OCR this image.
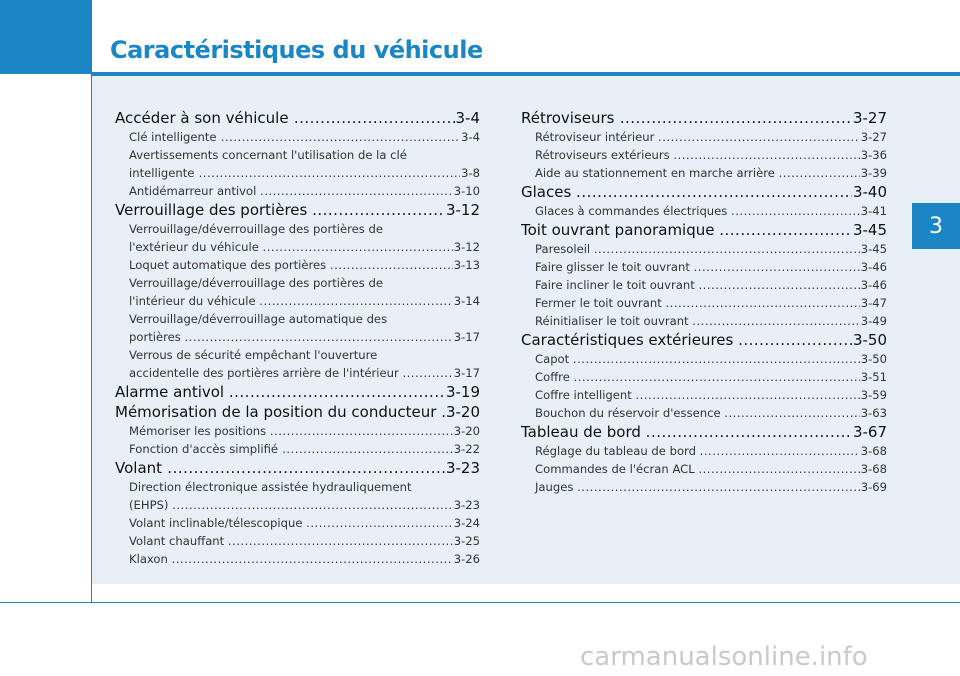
Caractéristiques du véhicule
Accéder à son véhicule .....	3-4
Clé intelligente .....	3-4
Avertissements concernant l'utilisation de la clé
intelligente .....	3-8
Antidémarreur antivol .....	3-10
Verrouillage des portières .....	3-12
Verrouillage/déverrouillage des portières de
l'extérieur du véhicule .....	3-12
Loquet automatique des portières .....	3-13
Verrouillage/déverrouillage des portières de
l'intérieur du véhicule .....	3-14
Verrouillage/déverrouillage automatique des
portières .....	3-17
Verrous de sécurité empêchant l'ouverture
accidentelle des portières arrière de l'intérieur .....	3-17
Alarme antivol .....	3-19
Mémorisation de la position du conducteur ..... 3-20
Mémoriser les positions .....	3-20
Fonction d'accès simplifié .....	3-22
Volant .....	3-23
Direction électronique assistée hydrauliquement
(EHPS) .....	3-23
Volant inclinable/télescopique .....	3-24
Volant chauffant .....	3-25
Klaxon .....	3-26
Rétroviseurs .....	3-27
Rétroviseur intérieur .....	3-27
Rétroviseurs extérieurs .....	3-36
Aide au stationnement en marche arrière .....	3-39
Glaces .....	3-40
Glaces à commandes électriques .....	3-41
Toit ouvrant panoramique .....	3-45
Paresoleil .....	3-45
Faire glisser le toit ouvrant .....	3-46
Faire incliner le toit ouvrant .....	3-46
Fermer le toit ouvrant .....	3-47
Réinitialiser le toit ouvrant .....	3-49
Caractéristiques extérieures .....	3-50
Capot .....	3-50
Coffre .....	3-51
Coffre intelligent .....	3-59
Bouchon du réservoir d'essence .....	3-63
Tableau de bord .....	3-67
Réglage du tableau de bord .....	3-68
Commandes de l'écran ACL .....	3-68
Jauges .....	3-69
3
carmanualsonline.info
